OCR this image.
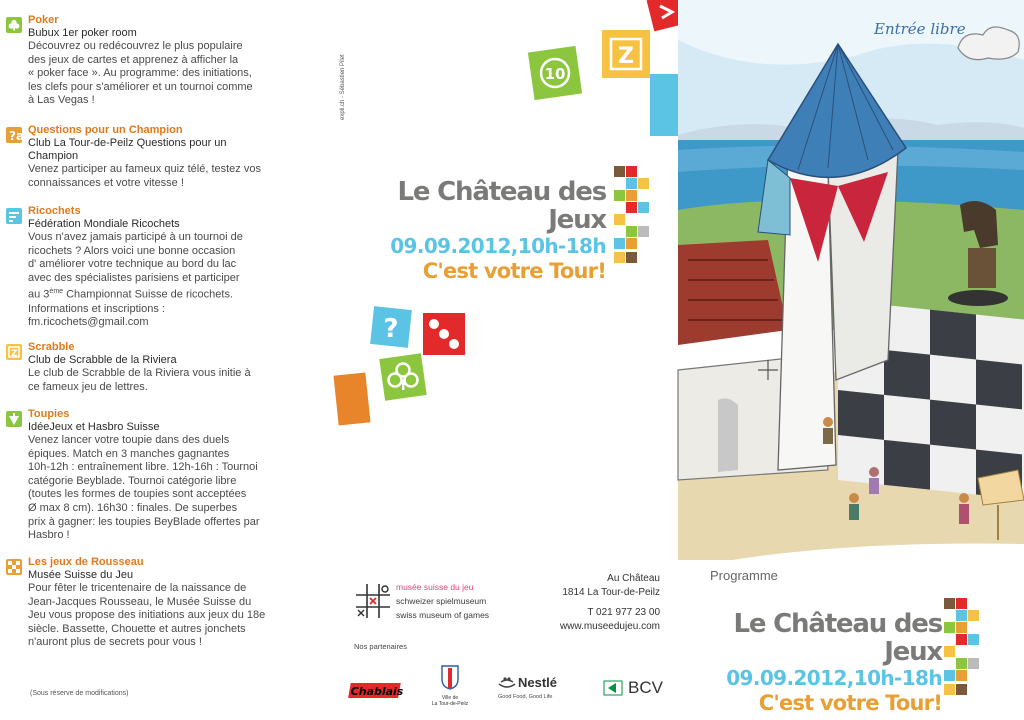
Poker
Bubux 1er poker room
Découvrez ou redécouvrez le plus populaire
des jeux de cartes et apprenez à afficher la
« poker face ». Au programme: des initiations,
les clefs pour s'améliorer et un tournoi comme
à Las Vegas !
?a Questions pour un Champion
Club La Tour-de-Peilz Questions pour un Champion
Venez participer au fameux quiz télé, testez vos
connaissances et votre vitesse !
Ricochets
Fédération Mondiale Ricochets
Vous n'avez jamais participé à un tournoi de
ricochets ? Alors voici une bonne occasion
d' améliorer votre technique au bord du lac
avec des spécialistes parisiens et participer
au 3ème Championnat Suisse de ricochets.
Informations et inscriptions :
fm.ricochets@gmail.com
Z
Scrabble
Club de Scrabble de la Riviera
Le club de Scrabble de la Riviera vous initie à
ce fameux jeu de lettres.
Toupies
IdéeJeux et Hasbro Suisse
Venez lancer votre toupie dans des duels
épiques. Match en 3 manches gagnantes
10h-12h : entraînement libre. 12h-16h : Tournoi
catégorie Beyblade. Tournoi catégorie libre
(toutes les formes de toupies sont acceptées
Ø max 8 cm). 16h30 : finales. De superbes
prix à gagner: les toupies BeyBlade offertes par
Hasbro !
Les jeux de Rousseau
Musée Suisse du Jeu
Pour fêter le tricentenaire de la naissance de
Jean-Jacques Rousseau, le Musée Suisse du
Jeu vous propose des initiations aux jeux du 18e
siècle. Bassette, Chouette et autres jonchets
n'auront plus de secrets pour vous !
(Sous réserve de modifications)
expli.ch - Sébastien Pilet	Z
10
Le Château des Jeux
09.09.2012,10h-18h
C'est votre Tour!
?
musée suisse du jeu
schweizer spielmuseum
swiss museum of games
Au Château
1814 La Tour-de-Peilz
T 021 977 23 00
www.museedujeu.com
Nos partenaires
Chablais	Ville de
La Tour-de-Peilz
Nestlé
Good Food, Good Life	BCV
Entrée libre
Programme
Le Château des Jeux
09.09.2012,10h-18h
C'est votre Tour!
